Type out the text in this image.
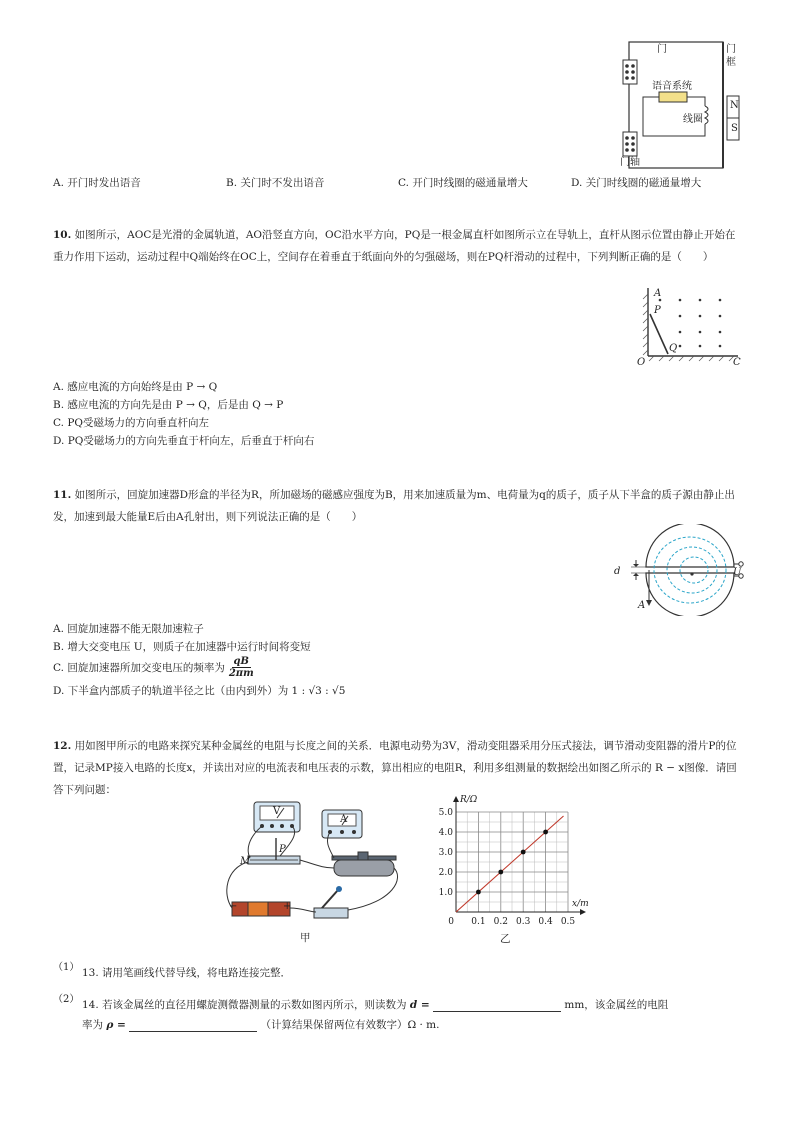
门	门框
语音系统
线圈
门轴
N
S
A. 开门时发出语音	B. 关门时不发出语音	C. 开门时线圈的磁通量增大	D. 关门时线圈的磁通量增大
10. 如图所示，AOC是光滑的金属轨道，AO沿竖直方向，OC沿水平方向，PQ是一根金属直杆如图所示立在导轨上，直杆从图示位置由静止开始在重力作用下运动，运动过程中Q端始终在OC上，空间存在着垂直于纸面向外的匀强磁场，则在PQ杆滑动的过程中，下列判断正确的是（　　）
A
P
O
Q
C
A. 感应电流的方向始终是由 P → Q
B. 感应电流的方向先是由 P → Q，后是由 Q → P
C. PQ受磁场力的方向垂直杆向左
D. PQ受磁场力的方向先垂直于杆向左，后垂直于杆向右
11. 如图所示，回旋加速器D形盒的半径为R，所加磁场的磁感应强度为B，用来加速质量为m、电荷量为q的质子，质子从下半盒的质子源由静止出发，加速到最大能量E后由A孔射出，则下列说法正确的是（　　）
d	U
A
A. 回旋加速器不能无限加速粒子
B. 增大交变电压 U，则质子在加速器中运行时间将变短
C. 回旋加速器所加交变电压的频率为 $\frac{qB}{2\pi m}$
D. 下半盒内部质子的轨道半径之比（由内到外）为 1 : √3 : √5
12. 用如图甲所示的电路来探究某种金属丝的电阻与长度之间的关系．电源电动势为3V，滑动变阻器采用分压式接法，调节滑动变阻器的滑片P的位置，记录MP接入电路的长度x，并读出对应的电流表和电压表的示数，算出相应的电阻R，利用多组测量的数据绘出如图乙所示的 R − x图像．请回答下列问题：
V
A
P
M
−	+
甲
0.1 0.2 0.3 0.4 0.5
1.0
2.0
3.0
4.0
5.0
0
x/m
R/Ω
乙
（1） 13. 请用笔画线代替导线，将电路连接完整．
（2） 14. 若该金属丝的直径用螺旋测微器测量的示数如图丙所示，则读数为 d =	mm，该金属丝的电阻
率为 ρ =	（计算结果保留两位有效数字）Ω · m.
